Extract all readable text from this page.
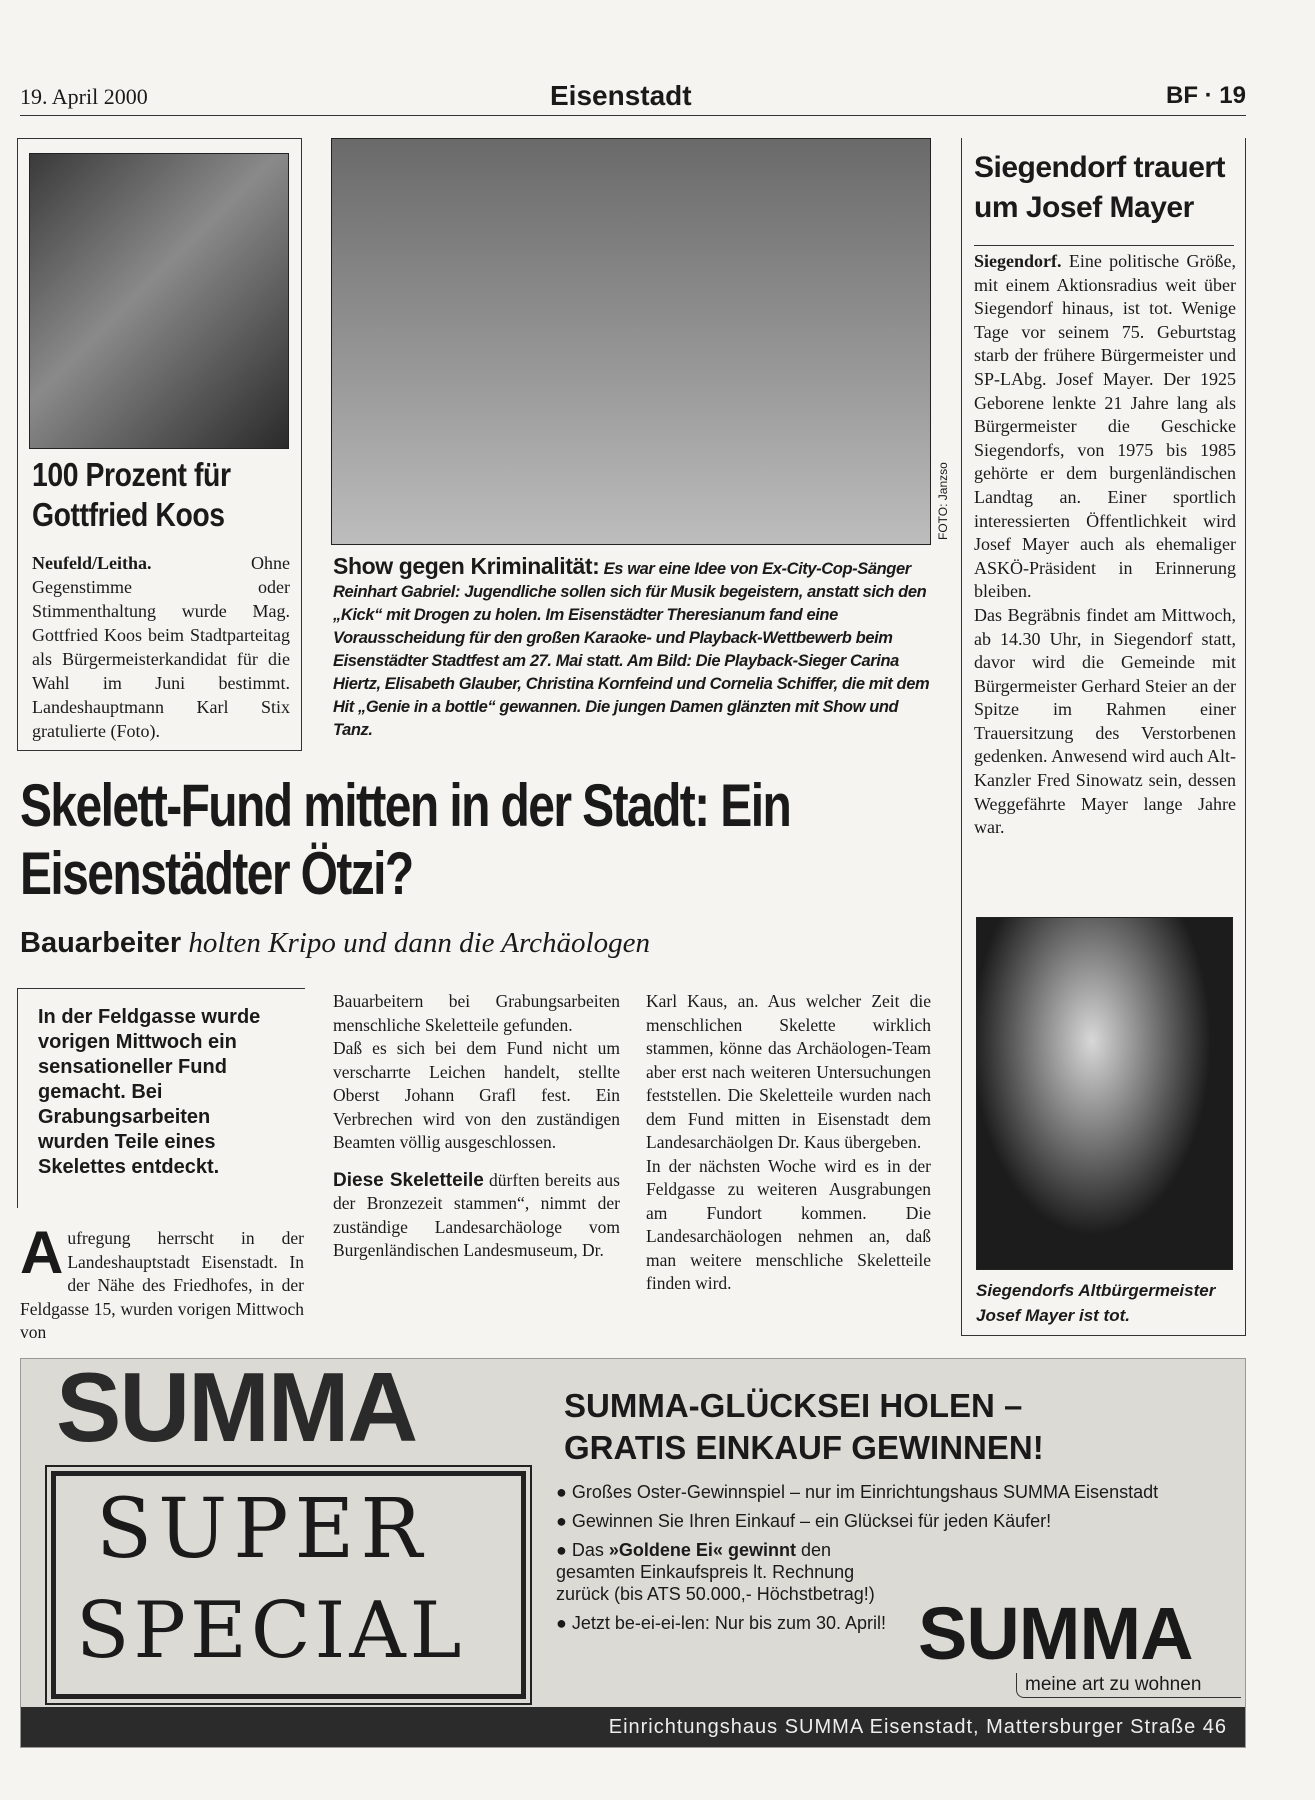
19. April 2000	Eisenstadt	BF · 19
100 Prozent für Gottfried Koos

Neufeld/Leitha.	Ohne Gegenstimme oder Stimmenthaltung wurde Mag. Gottfried Koos beim Stadtparteitag als Bürgermeisterkandidat für die Wahl im Juni bestimmt. Landeshauptmann Karl Stix gratulierte (Foto).

FOTO: Janzso

Show gegen Kriminalität: Es war eine Idee von Ex-City-Cop-Sänger Reinhart Gabriel: Jugendliche sollen sich für Musik begeistern, anstatt sich den „Kick“ mit Drogen zu holen. Im Eisenstädter Theresianum fand eine Vorausscheidung für den großen Karaoke- und Playback-Wettbewerb beim Eisenstädter Stadtfest am 27. Mai statt. Am Bild: Die Playback-Sieger Carina Hiertz, Elisabeth Glauber, Christina Kornfeind und Cornelia Schiffer, die mit dem Hit „Genie in a bottle“ gewannen. Die jungen Damen glänzten mit Show und Tanz.

Siegendorf trauert um Josef Mayer

Siegendorf. Eine politische Größe, mit einem Aktionsradius weit über Siegendorf hinaus, ist tot. Wenige Tage vor seinem 75. Geburtstag starb der frühere Bürgermeister und SP-LAbg. Josef Mayer. Der 1925 Geborene lenkte 21 Jahre lang als Bürgermeister die Geschicke Siegendorfs, von 1975 bis 1985 gehörte er dem burgenländischen Landtag an. Einer sportlich interessierten Öffentlichkeit wird Josef Mayer auch als ehemaliger ASKÖ-Präsident in Erinnerung bleiben.
Das Begräbnis findet am Mittwoch, ab 14.30 Uhr, in Siegendorf statt, davor wird die Gemeinde mit Bürgermeister Gerhard Steier an der Spitze im Rahmen einer Trauersitzung des Verstorbenen gedenken. Anwesend wird auch Alt-Kanzler Fred Sinowatz sein, dessen Weggefährte Mayer lange Jahre war.

Siegendorfs Altbürgermeister Josef Mayer ist tot.
Skelett-Fund mitten in der Stadt: Ein Eisenstädter Ötzi?
Bauarbeiter holten Kripo und dann die Archäologen

In der Feldgasse wurde vorigen Mittwoch ein sensationeller Fund gemacht. Bei Grabungsarbeiten wurden Teile eines Skelettes entdeckt.

A ufregung herrscht in der Landeshauptstadt Eisenstadt. In der Nähe des Friedhofes, in der Feldgasse 15, wurden vorigen Mittwoch von

Bauarbeitern bei Grabungsarbeiten menschliche Skeletteile gefunden.

Daß es sich bei dem Fund nicht um verscharrte Leichen handelt, stellte Oberst Johann Grafl fest. Ein Verbrechen wird von den zuständigen Beamten völlig ausgeschlossen.

Diese Skeletteile dürften bereits aus der Bronzezeit stammen“, nimmt der zuständige Landesarchäologe vom Burgenländischen Landesmuseum, Dr.

Karl Kaus, an. Aus welcher Zeit die menschlichen Skelette wirklich stammen, könne das Archäologen-Team aber erst nach weiteren Untersuchungen feststellen. Die Skeletteile wurden nach dem Fund mitten in Eisenstadt dem Landesarchäolgen Dr. Kaus übergeben.

In der nächsten Woche wird es in der Feldgasse zu weiteren Ausgrabungen am Fundort kommen. Die Landesarchäologen nehmen an, daß man weitere menschliche Skeletteile finden wird.

SUMMA
SUPER
SPECIAL
SUMMA-GLÜCKSEI HOLEN –
GRATIS EINKAUF GEWINNEN!
● Großes Oster-Gewinnspiel – nur im Einrichtungshaus SUMMA Eisenstadt
● Gewinnen Sie Ihren Einkauf – ein Glücksei für jeden Käufer!
● Das »Goldene Ei« gewinnt den gesamten Einkaufspreis lt. Rechnung zurück (bis ATS 50.000,- Höchstbetrag!)
● Jetzt be-ei-ei-len: Nur bis zum 30. April! SUMMA
meine art zu wohnen
Einrichtungshaus SUMMA Eisenstadt, Mattersburger Straße 46
